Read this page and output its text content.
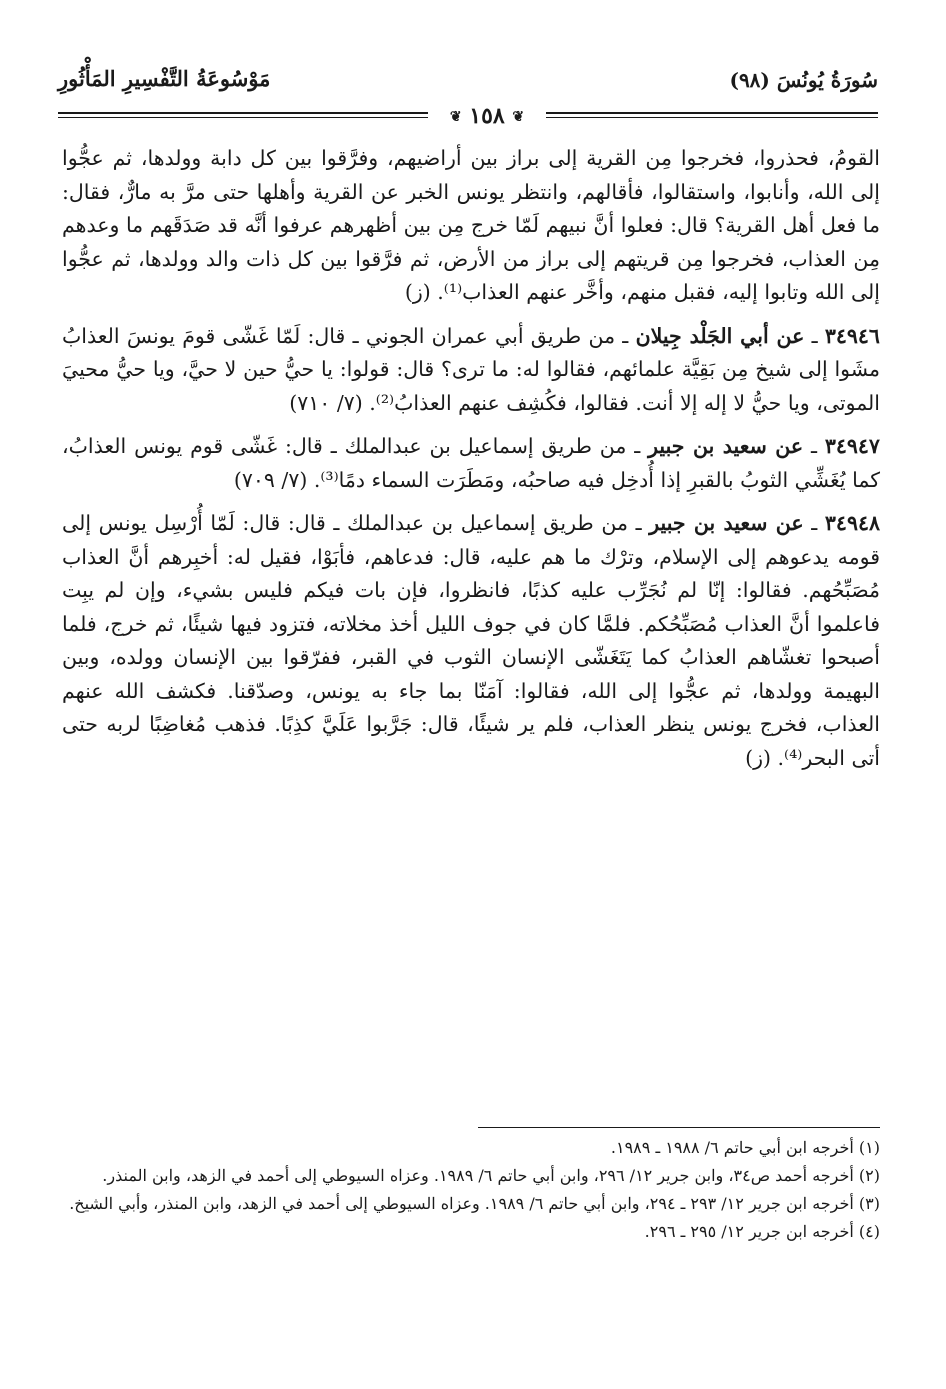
سُورَةُ يُونُسَ (٩٨)
مَوْسُوعَةُ التَّفْسِيرِ المَأْثُورِ
❦ ١٥٨ ❦

القومُ، فحذروا، فخرجوا مِن القرية إلى براز بين أراضيهم، وفرَّقوا بين كل دابة وولدها، ثم عجُّوا إلى الله، وأنابوا، واستقالوا، فأقالهم، وانتظر يونس الخبر عن القرية وأهلها حتى مرَّ به مارٌّ، فقال: ما فعل أهل القرية؟ قال: فعلوا أنَّ نبيهم لَمّا خرج مِن بين أظهرهم عرفوا أنَّه قد صَدَقَهم ما وعدهم مِن العذاب، فخرجوا مِن قريتهم إلى براز من الأرض، ثم فرَّقوا بين كل ذات والد وولدها، ثم عجُّوا إلى الله وتابوا إليه، فقبل منهم، وأخَّر عنهم العذاب⁽¹⁾. (ز)

٣٤٩٤٦ ـ عن أبي الجَلْد جِيلان ـ من طريق أبي عمران الجوني ـ قال: لَمّا غَشّى قومَ يونسَ العذابُ مشَوا إلى شيخ مِن بَقِيَّة علمائهم، فقالوا له: ما ترى؟ قال: قولوا: يا حيُّ حين لا حيَّ، ويا حيُّ محييَ الموتى، ويا حيُّ لا إله إلا أنت. فقالوا، فكُشِف عنهم العذابُ⁽²⁾. (٧/ ٧١٠)

٣٤٩٤٧ ـ عن سعيد بن جبير ـ من طريق إسماعيل بن عبدالملك ـ قال: غَشّى قوم يونس العذابُ، كما يُغَشِّي الثوبُ بالقبرِ إذا أُدخِل فيه صاحبُه، ومَطَرَت السماء دمًا⁽³⁾. (٧/ ٧٠٩)

٣٤٩٤٨ ـ عن سعيد بن جبير ـ من طريق إسماعيل بن عبدالملك ـ قال: قال: لَمّا أُرْسِل يونس إلى قومه يدعوهم إلى الإسلام، وترْك ما هم عليه، قال: فدعاهم، فأبَوْا، فقيل له: أخبِرهم أنَّ العذاب مُصَبِّحُهم. فقالوا: إنّا لم نُجَرِّب عليه كذبًا، فانظروا، فإن بات فيكم فليس بشيء، وإن لم يبِت فاعلموا أنَّ العذاب مُصَبِّحُكم. فلمَّا كان في جوف الليل أخذ مخلاته، فتزود فيها شيئًا، ثم خرج، فلما أصبحوا تغشّاهم العذابُ كما يَتَغَشّى الإنسان الثوب في القبر، ففرّقوا بين الإنسان وولده، وبين البهيمة وولدها، ثم عجُّوا إلى الله، فقالوا: آمَنّا بما جاء به يونس، وصدّقنا. فكشف الله عنهم العذاب، فخرج يونس ينظر العذاب، فلم ير شيئًا، قال: جَرَّبوا عَلَيَّ كذِبًا. فذهب مُغاضِبًا لربه حتى أتى البحر⁽⁴⁾. (ز)

(١) أخرجه ابن أبي حاتم ٦/ ١٩٨٨ ـ ١٩٨٩.

(٢) أخرجه أحمد ص٣٤، وابن جرير ١٢/ ٢٩٦، وابن أبي حاتم ٦/ ١٩٨٩. وعزاه السيوطي إلى أحمد في الزهد، وابن المنذر.

(٣) أخرجه ابن جرير ١٢/ ٢٩٣ ـ ٢٩٤، وابن أبي حاتم ٦/ ١٩٨٩. وعزاه السيوطي إلى أحمد في الزهد، وابن المنذر، وأبي الشيخ.

(٤) أخرجه ابن جرير ١٢/ ٢٩٥ ـ ٢٩٦.
